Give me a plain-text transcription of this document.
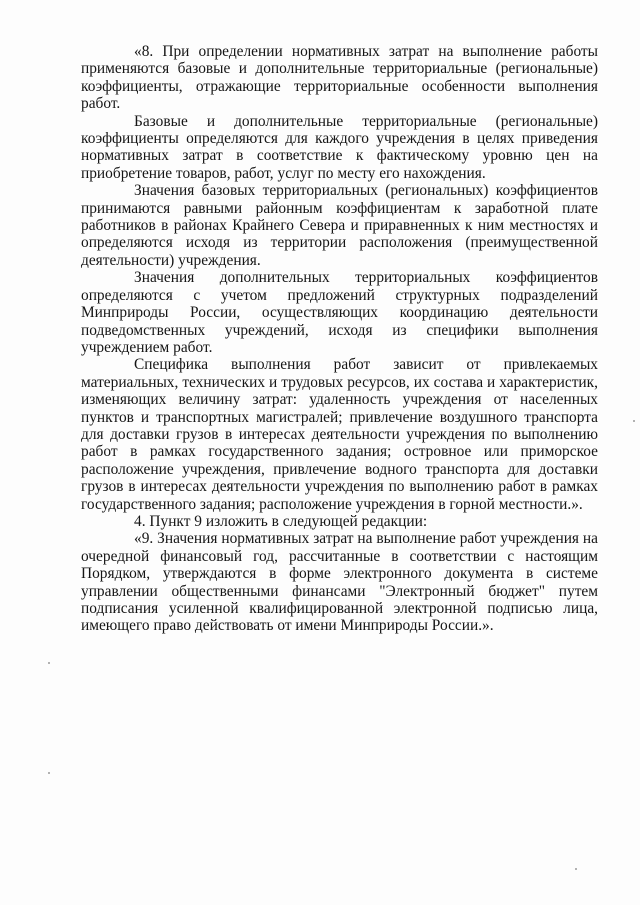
«8. При определении нормативных затрат на выполнение работы применяются базовые и дополнительные территориальные (региональные) коэффициенты, отражающие территориальные особенности выполнения работ.

Базовые и дополнительные территориальные (региональные) коэффициенты определяются для каждого учреждения в целях приведения нормативных затрат в соответствие к фактическому уровню цен на приобретение товаров, работ, услуг по месту его нахождения.

Значения базовых территориальных (региональных) коэффициентов принимаются равными районным коэффициентам к заработной плате работников в районах Крайнего Севера и приравненных к ним местностях и определяются исходя из территории расположения (преимущественной деятельности) учреждения.

Значения дополнительных территориальных коэффициентов определяются с учетом предложений структурных подразделений Минприроды России, осуществляющих координацию деятельности подведомственных учреждений, исходя из специфики выполнения учреждением работ.

Специфика выполнения работ зависит от привлекаемых материальных, технических и трудовых ресурсов, их состава и характеристик, изменяющих величину затрат: удаленность учреждения от населенных пунктов и транспортных магистралей; привлечение воздушного транспорта для доставки грузов в интересах деятельности учреждения по выполнению работ в рамках государственного задания; островное или приморское расположение учреждения, привлечение водного транспорта для доставки грузов в интересах деятельности учреждения по выполнению работ в рамках государственного задания; расположение учреждения в горной местности.».

4. Пункт 9 изложить в следующей редакции:

«9. Значения нормативных затрат на выполнение работ учреждения на очередной финансовый год, рассчитанные в соответствии с настоящим Порядком, утверждаются в форме электронного документа в системе управлении общественными финансами "Электронный бюджет" путем подписания усиленной квалифицированной электронной подписью лица, имеющего право действовать от имени Минприроды России.».
